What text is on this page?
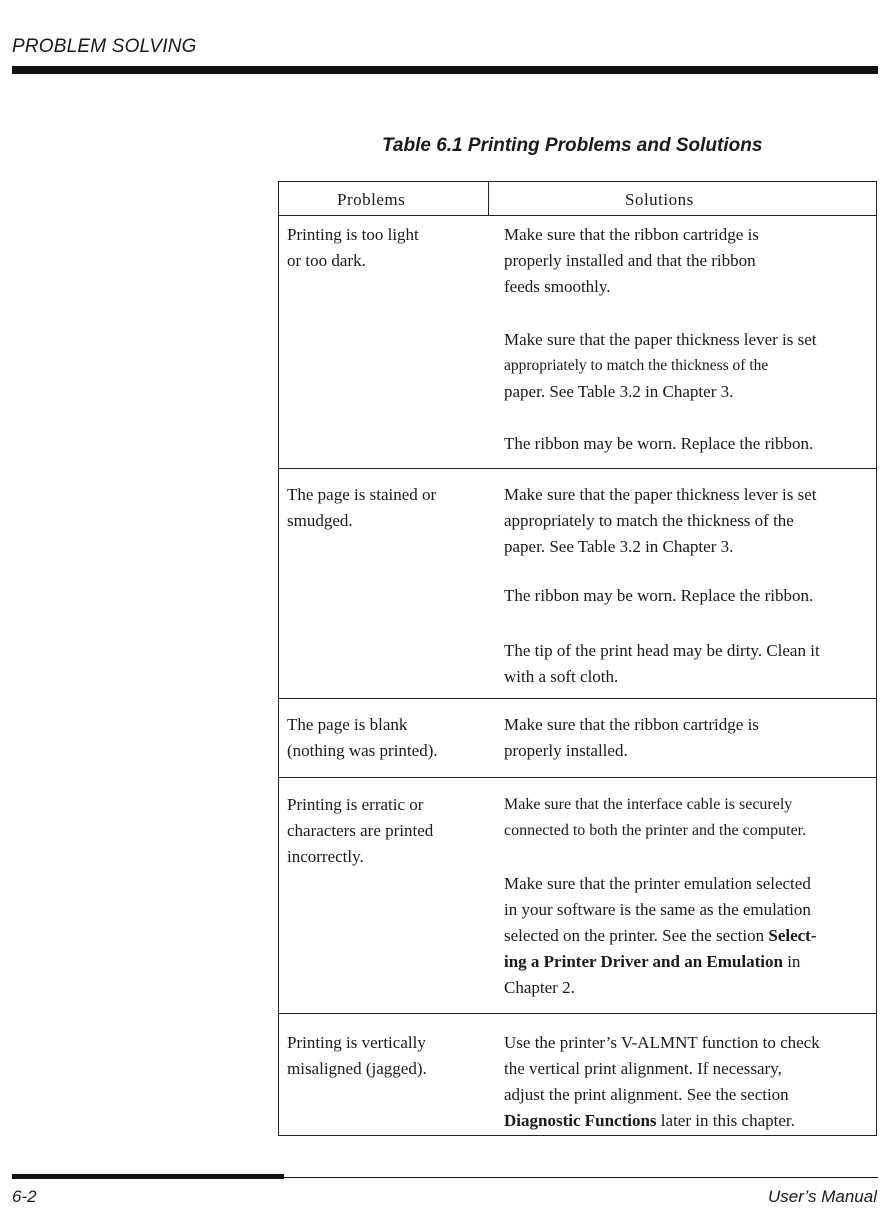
PROBLEM SOLVING
Table 6.1 Printing Problems and Solutions
Problems	Solutions
Printing is too light
or too dark.
Make sure that the ribbon cartridge is
properly installed and that the ribbon
feeds smoothly.
Make sure that the paper thickness lever is set
appropriately to match the thickness of the
paper. See Table 3.2 in Chapter 3.
The ribbon may be worn. Replace the ribbon.
The page is stained or
smudged.
Make sure that the paper thickness lever is set
appropriately to match the thickness of the
paper. See Table 3.2 in Chapter 3.
The ribbon may be worn. Replace the ribbon.
The tip of the print head may be dirty. Clean it
with a soft cloth.
The page is blank
(nothing was printed).
Make sure that the ribbon cartridge is
properly installed.
Printing is erratic or
characters are printed
incorrectly.
Make sure that the interface cable is securely
connected to both the printer and the computer.
Make sure that the printer emulation selected
in your software is the same as the emulation
selected on the printer. See the section Select-
ing a Printer Driver and an Emulation in
Chapter 2.
Printing is vertically
misaligned (jagged).
Use the printer’s V-ALMNT function to check
the vertical print alignment. If necessary,
adjust the print alignment. See the section
Diagnostic Functions later in this chapter.
6-2	User’s Manual
